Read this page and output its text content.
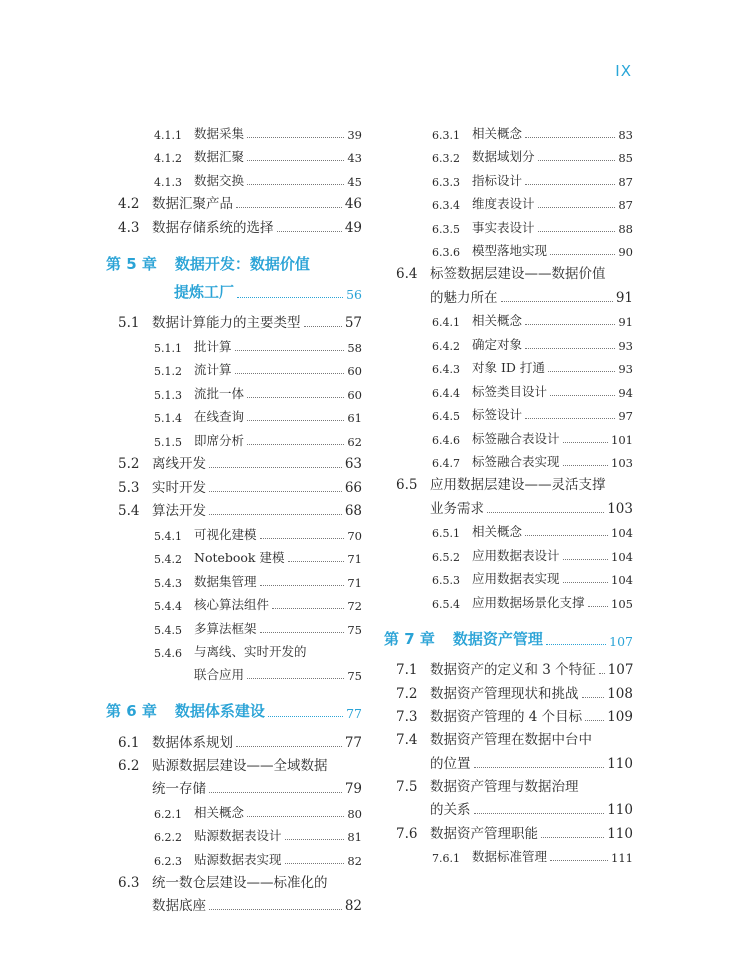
IX
4.1.1 数据采集	39
4.1.2 数据汇聚	43
4.1.3 数据交换	45
4.2 数据汇聚产品	46
4.3 数据存储系统的选择	49
第 5 章	数据开发：数据价值
提炼工厂	56
5.1 数据计算能力的主要类型	57
5.1.1 批计算	58
5.1.2 流计算	60
5.1.3 流批一体	60
5.1.4 在线查询	61
5.1.5 即席分析	62
5.2 离线开发	63
5.3 实时开发	66
5.4 算法开发	68
5.4.1 可视化建模	70
5.4.2 Notebook 建模	71
5.4.3 数据集管理	71
5.4.4 核心算法组件	72
5.4.5 多算法框架	75
5.4.6 与离线、实时开发的
联合应用	75
第 6 章	数据体系建设	77
6.1 数据体系规划	77
6.2 贴源数据层建设——全域数据
统一存储	79
6.2.1 相关概念	80
6.2.2 贴源数据表设计	81
6.2.3 贴源数据表实现	82
6.3 统一数仓层建设——标准化的
数据底座	82
6.3.1 相关概念	83
6.3.2 数据域划分	85
6.3.3 指标设计	87
6.3.4 维度表设计	87
6.3.5 事实表设计	88
6.3.6 模型落地实现	90
6.4 标签数据层建设——数据价值
的魅力所在	91
6.4.1 相关概念	91
6.4.2 确定对象	93
6.4.3 对象 ID 打通	93
6.4.4 标签类目设计	94
6.4.5 标签设计	97
6.4.6 标签融合表设计	101
6.4.7 标签融合表实现	103
6.5 应用数据层建设——灵活支撑
业务需求	103
6.5.1 相关概念	104
6.5.2 应用数据表设计	104
6.5.3 应用数据表实现	104
6.5.4 应用数据场景化支撑 105
第 7 章	数据资产管理	107
7.1 数据资产的定义和 3 个特征 107
7.2 数据资产管理现状和挑战 108
7.3 数据资产管理的 4 个目标 109
7.4 数据资产管理在数据中台中
的位置	110
7.5 数据资产管理与数据治理
的关系	110
7.6 数据资产管理职能	110
7.6.1 数据标准管理	111
